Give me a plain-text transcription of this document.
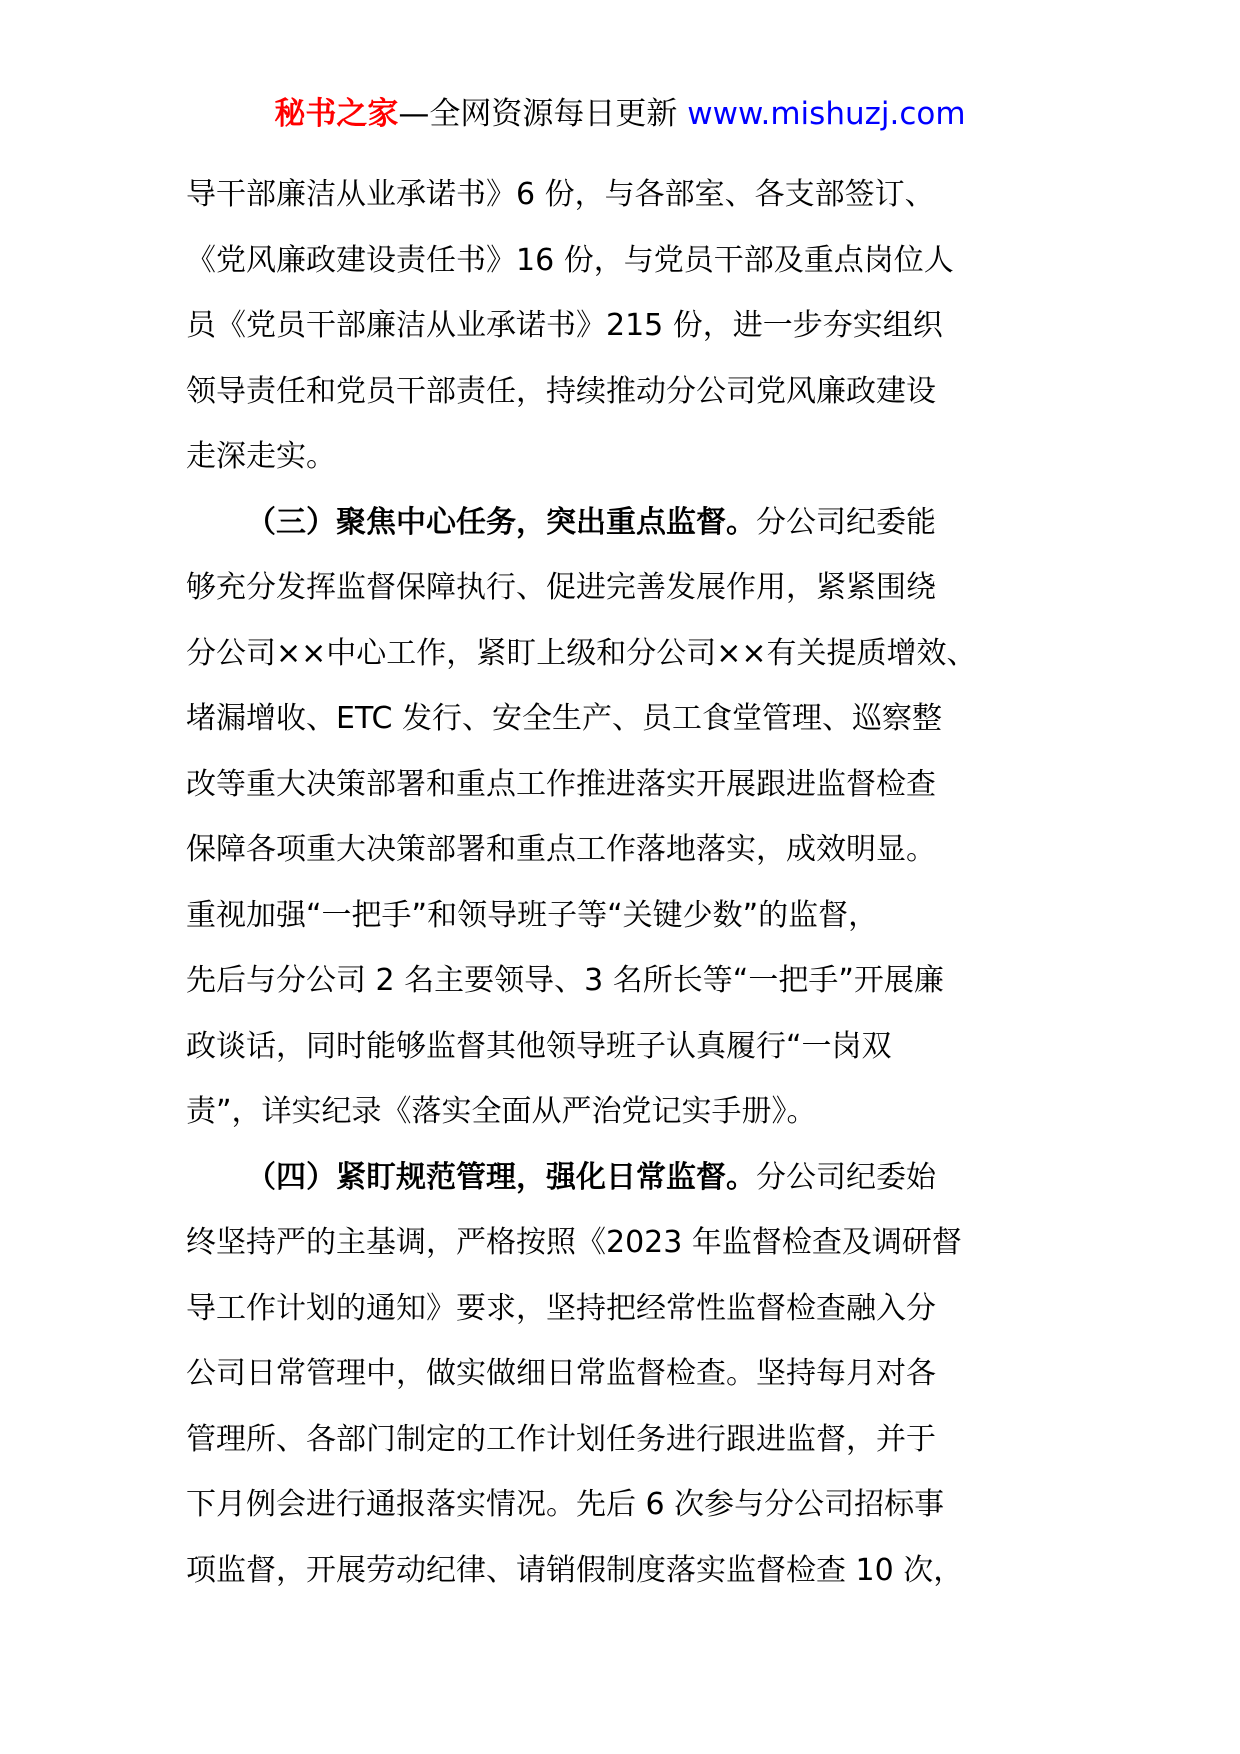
秘书之家—全网资源每日更新 www.mishuzj.com
导干部廉洁从业承诺书》6 份，与各部室、各支部签订、
《党风廉政建设责任书》16 份，与党员干部及重点岗位人
员《党员干部廉洁从业承诺书》215 份，进一步夯实组织
领导责任和党员干部责任，持续推动分公司党风廉政建设
走深走实。
（三）聚焦中心任务，突出重点监督。分公司纪委能
够充分发挥监督保障执行、促进完善发展作用，紧紧围绕
分公司××中心工作，紧盯上级和分公司××有关提质增效、
堵漏增收、ETC 发行、安全生产、员工食堂管理、巡察整
改等重大决策部署和重点工作推进落实开展跟进监督检查
保障各项重大决策部署和重点工作落地落实，成效明显。
重视加强“一把手”和领导班子等“关键少数”的监督，
先后与分公司 2 名主要领导、3 名所长等“一把手”开展廉
政谈话，同时能够监督其他领导班子认真履行“一岗双
责”，详实纪录《落实全面从严治党记实手册》。
（四）紧盯规范管理，强化日常监督。分公司纪委始
终坚持严的主基调，严格按照《2023 年监督检查及调研督
导工作计划的通知》要求，坚持把经常性监督检查融入分
公司日常管理中，做实做细日常监督检查。坚持每月对各
管理所、各部门制定的工作计划任务进行跟进监督，并于
下月例会进行通报落实情况。先后 6 次参与分公司招标事
项监督，开展劳动纪律、请销假制度落实监督检查 10 次，
